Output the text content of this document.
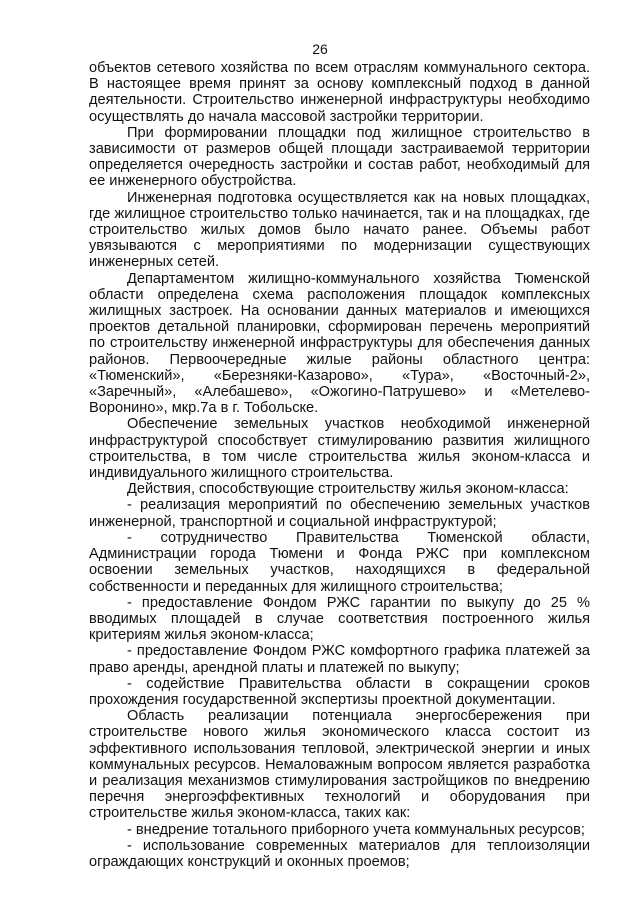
26

объектов сетевого хозяйства по всем отраслям коммунального сектора. В настоящее время принят за основу комплексный подход в данной деятельности. Строительство инженерной инфраструктуры необходимо осуществлять до начала массовой застройки территории.

При формировании площадки под жилищное строительство в зависимости от размеров общей площади застраиваемой территории определяется очередность застройки и состав работ, необходимый для ее инженерного обустройства.

Инженерная подготовка осуществляется как на новых площадках, где жилищное строительство только начинается, так и на площадках, где строительство жилых домов было начато ранее. Объемы работ увязываются с мероприятиями по модернизации существующих инженерных сетей.

Департаментом жилищно-коммунального хозяйства Тюменской области определена схема расположения площадок комплексных жилищных застроек. На основании данных материалов и имеющихся проектов детальной планировки, сформирован перечень мероприятий по строительству инженерной инфраструктуры для обеспечения данных районов. Первоочередные жилые районы областного центра: «Тюменский», «Березняки-Казарово», «Тура», «Восточный-2», «Заречный», «Алебашево», «Ожогино-Патрушево» и «Метелево-Воронино», мкр.7а в г. Тобольске.

Обеспечение земельных участков необходимой инженерной инфраструктурой способствует стимулированию развития жилищного строительства, в том числе строительства жилья эконом-класса и индивидуального жилищного строительства.

Действия, способствующие строительству жилья эконом-класса:

- реализация мероприятий по обеспечению земельных участков инженерной, транспортной и социальной инфраструктурой;

- сотрудничество Правительства Тюменской области, Администрации города Тюмени и Фонда РЖС при комплексном освоении земельных участков, находящихся в федеральной собственности и переданных для жилищного строительства;

- предоставление Фондом РЖС гарантии по выкупу до 25 % вводимых площадей в случае соответствия построенного жилья критериям жилья эконом-класса;

- предоставление Фондом РЖС комфортного графика платежей за право аренды, арендной платы и платежей по выкупу;

- содействие Правительства области в сокращении сроков прохождения государственной экспертизы проектной документации.

Область реализации потенциала энергосбережения при строительстве нового жилья экономического класса состоит из эффективного использования тепловой, электрической энергии и иных коммунальных ресурсов. Немаловажным вопросом является разработка и реализация механизмов стимулирования застройщиков по внедрению перечня энергоэффективных технологий и оборудования при строительстве жилья эконом-класса, таких как:

- внедрение тотального приборного учета коммунальных ресурсов;

- использование современных материалов для теплоизоляции ограждающих конструкций и оконных проемов;
